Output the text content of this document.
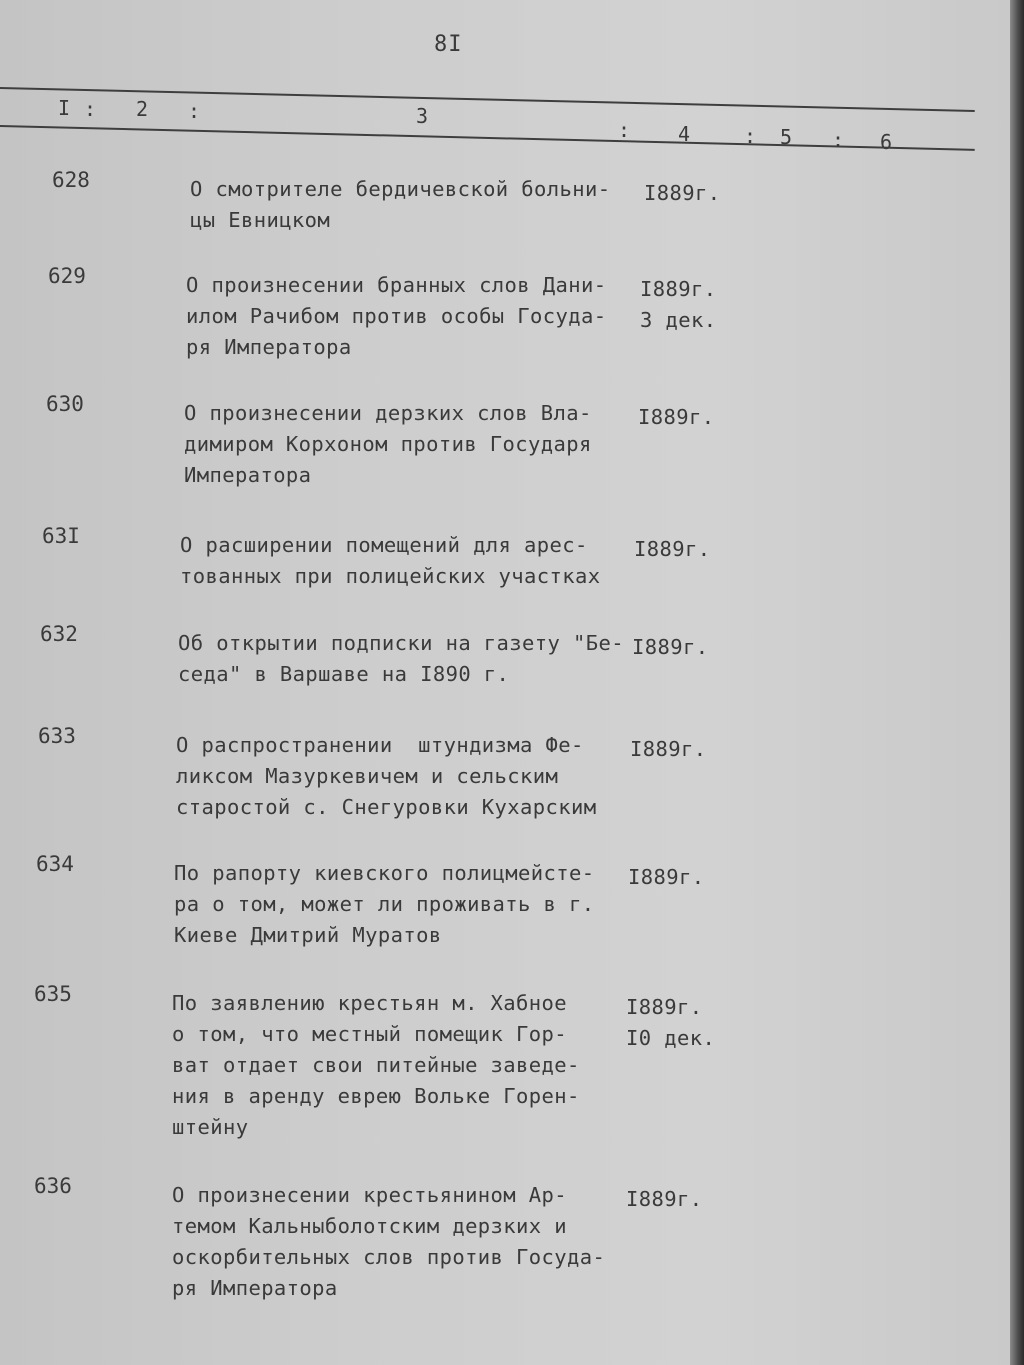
8I
I : 2 :	3
: 4	: 5 : 6
628	О смотрителе бердичевской больни-
цы Евницком
I889г.
629	О произнесении бранных слов Дани-
илом Рачибом против особы Госуда-
ря Императора
I889г.
3 дек.
630	О произнесении дерзких слов Вла-
димиром Корхоном против Государя
Императора
I889г.
63I	О расширении помещений для арес-
тованных при полицейских участках
I889г.
632	Об открытии подписки на газету "Бе-
седа" в Варшаве на I890 г.
I889г.
633	О распространении  штундизма Фе-
ликсом Мазуркевичем и сельским
старостой с. Снегуровки Кухарским
I889г.
634	По рапорту киевского полицмейсте-
ра о том, может ли проживать в г.
Киеве Дмитрий Муратов
I889г.
635	По заявлению крестьян м. Хабное
о том, что местный помещик Гор-
ват отдает свои питейные заведе-
ния в аренду еврею Вольке Горен-
штейну
I889г.
I0 дек.
636	О произнесении крестьянином Ар-
темом Кальныболотским дерзких и
оскорбительных слов против Госуда-
ря Императора
I889г.
